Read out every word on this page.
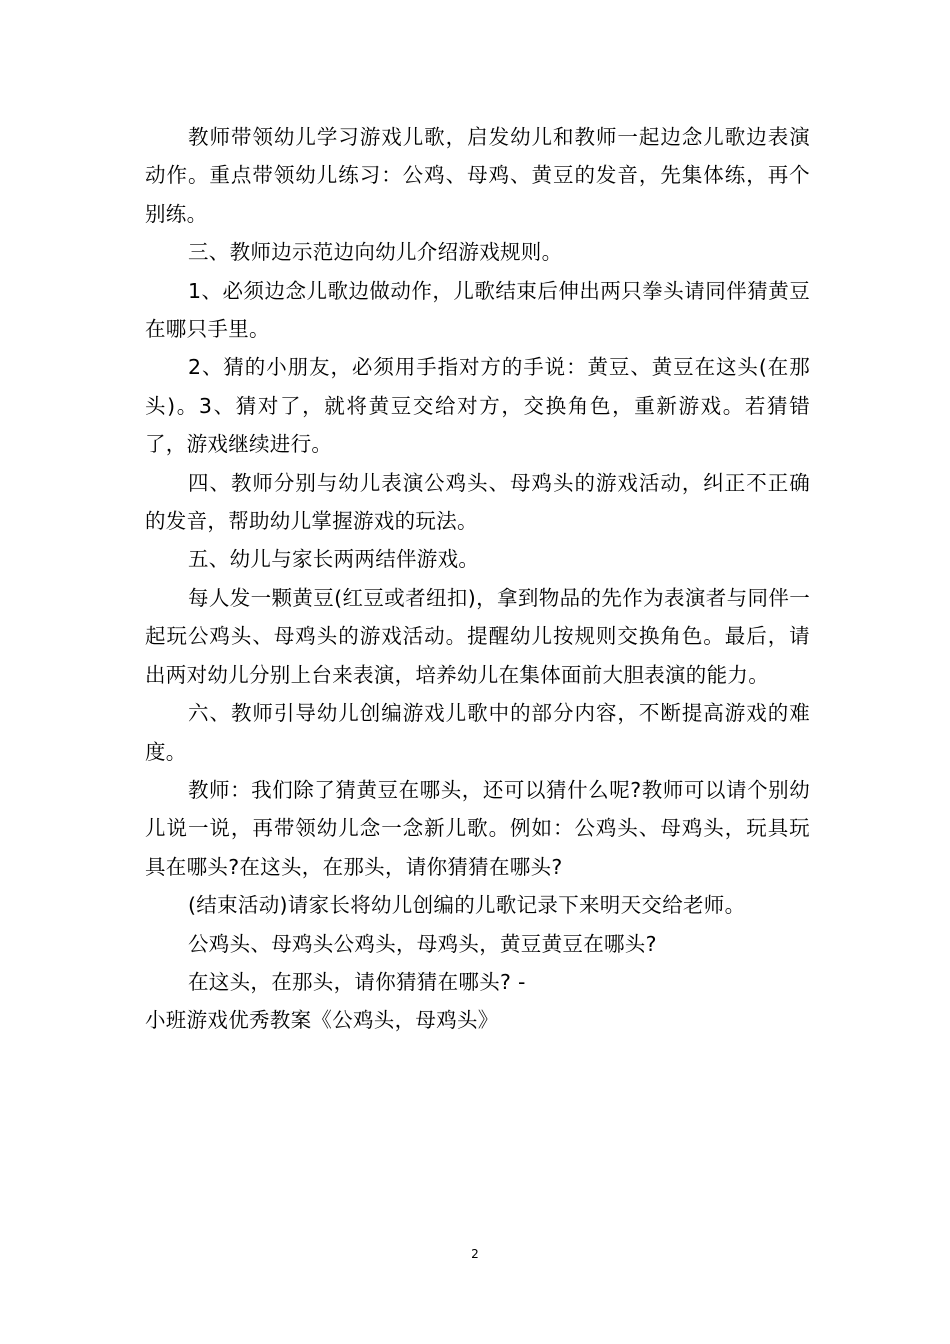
教师带领幼儿学习游戏儿歌，启发幼儿和教师一起边念儿歌边表演动作。重点带领幼儿练习：公鸡、母鸡、黄豆的发音，先集体练，再个别练。

三、教师边示范边向幼儿介绍游戏规则。

1、必须边念儿歌边做动作，儿歌结束后伸出两只拳头请同伴猜黄豆在哪只手里。

2、猜的小朋友，必须用手指对方的手说：黄豆、黄豆在这头(在那头)。3、猜对了，就将黄豆交给对方，交换角色，重新游戏。若猜错了，游戏继续进行。

四、教师分别与幼儿表演公鸡头、母鸡头的游戏活动，纠正不正确的发音，帮助幼儿掌握游戏的玩法。

五、幼儿与家长两两结伴游戏。

每人发一颗黄豆(红豆或者纽扣)，拿到物品的先作为表演者与同伴一起玩公鸡头、母鸡头的游戏活动。提醒幼儿按规则交换角色。最后，请出两对幼儿分别上台来表演，培养幼儿在集体面前大胆表演的能力。

六、教师引导幼儿创编游戏儿歌中的部分内容，不断提高游戏的难度。

教师：我们除了猜黄豆在哪头，还可以猜什么呢?教师可以请个别幼儿说一说，再带领幼儿念一念新儿歌。例如：公鸡头、母鸡头，玩具玩具在哪头?在这头，在那头，请你猜猜在哪头?

(结束活动)请家长将幼儿创编的儿歌记录下来明天交给老师。

公鸡头、母鸡头公鸡头，母鸡头，黄豆黄豆在哪头?

在这头，在那头，请你猜猜在哪头? -

小班游戏优秀教案《公鸡头，母鸡头》

2
